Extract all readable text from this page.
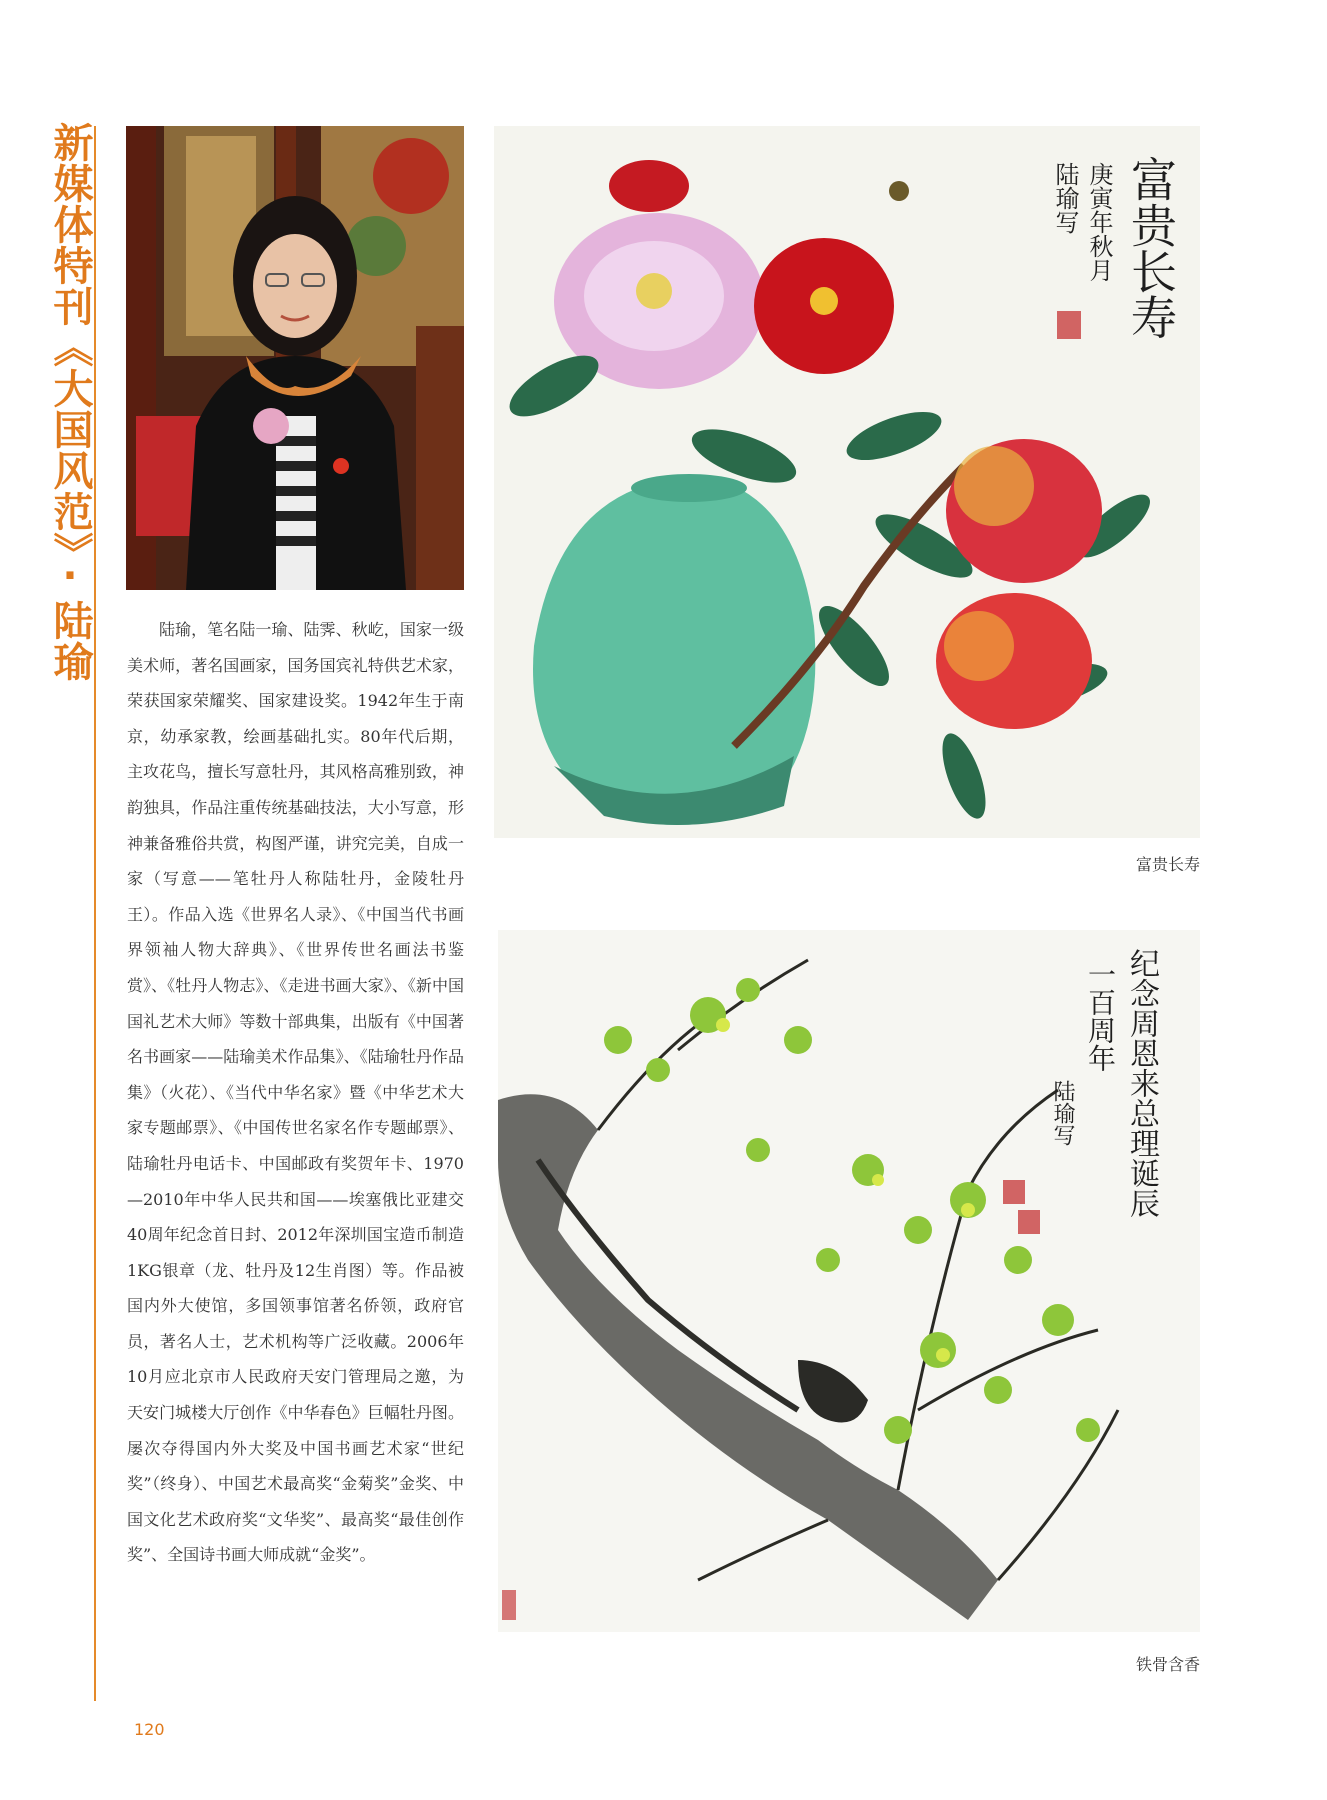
新媒体特刊《大国风范》·陆瑜	陆瑜，笔名陆一瑜、陆霁、秋屹，国家一级美术师，著名国画家，国务国宾礼特供艺术家，荣获国家荣耀奖、国家建设奖。1942年生于南京，幼承家教，绘画基础扎实。80年代后期，主攻花鸟，擅长写意牡丹，其风格高雅别致，神韵独具，作品注重传统基础技法，大小写意，形神兼备雅俗共赏，构图严谨，讲究完美，自成一家（写意——笔牡丹人称陆牡丹，金陵牡丹王）。作品入选《世界名人录》、《中国当代书画界领袖人物大辞典》、《世界传世名画法书鉴赏》、《牡丹人物志》、《走进书画大家》、《新中国国礼艺术大师》等数十部典集，出版有《中国著名书画家——陆瑜美术作品集》、《陆瑜牡丹作品集》（火花）、《当代中华名家》暨《中华艺术大家专题邮票》、《中国传世名家名作专题邮票》、陆瑜牡丹电话卡、中国邮政有奖贺年卡、1970—2010年中华人民共和国——埃塞俄比亚建交40周年纪念首日封、2012年深圳国宝造币制造1KG银章（龙、牡丹及12生肖图）等。作品被国内外大使馆，多国领事馆著名侨领，政府官员，著名人士，艺术机构等广泛收藏。2006年10月应北京市人民政府天安门管理局之邀，为天安门城楼大厅创作《中华春色》巨幅牡丹图。屡次夺得国内外大奖及中国书画艺术家“世纪奖”（终身）、中国艺术最高奖“金菊奖”金奖、中国文化艺术政府奖“文华奖”、最高奖“最佳创作奖”、全国诗书画大师成就“金奖”。
富贵长寿
庚寅年秋月
陆瑜写
富贵长寿
纪念周恩来总理诞辰
一百周年
陆瑜写
铁骨含香
120
